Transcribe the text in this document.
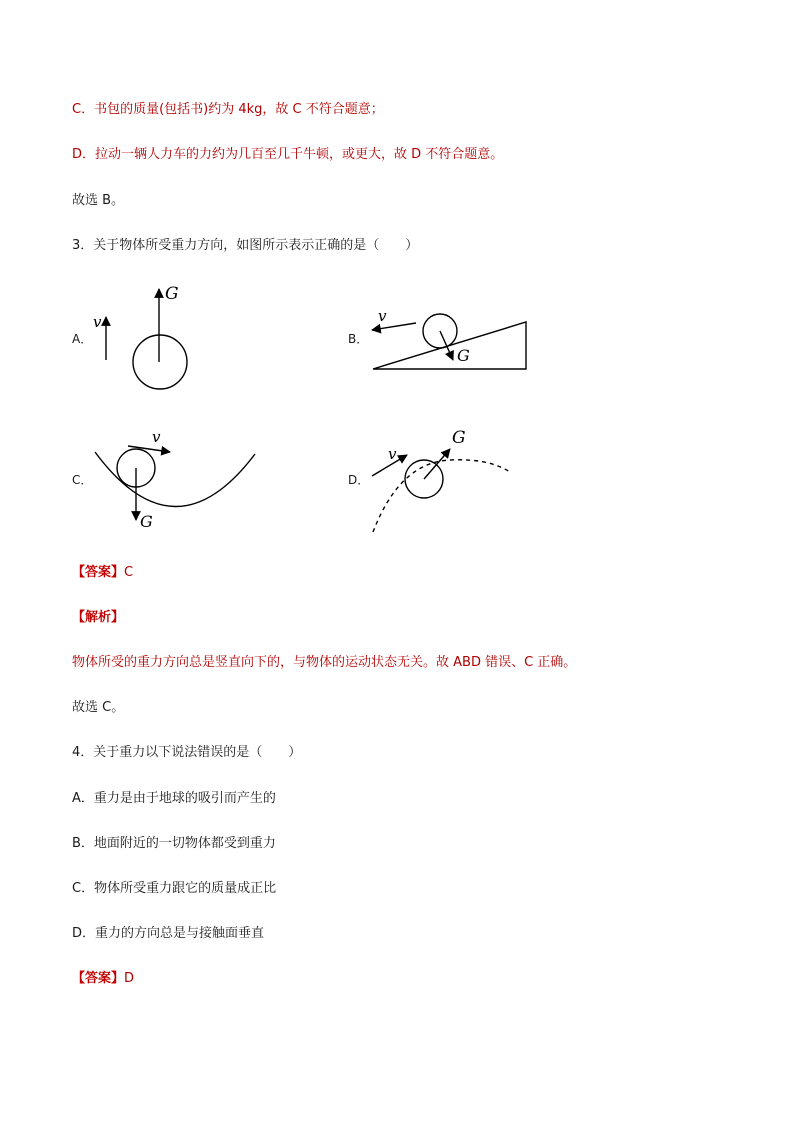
C．书包的质量(包括书)约为 4kg，故 C 不符合题意；
D．拉动一辆人力车的力约为几百至几千牛顿，或更大，故 D 不符合题意。
故选 B。
3．关于物体所受重力方向，如图所示表示正确的是（　　）
A．
v
G
B．
v
G
C．
v
G
D．
v
G
【答案】C
【解析】
物体所受的重力方向总是竖直向下的，与物体的运动状态无关。故 ABD 错误、C 正确。
故选 C。
4．关于重力以下说法错误的是（　　）
A．重力是由于地球的吸引而产生的
B．地面附近的一切物体都受到重力
C．物体所受重力跟它的质量成正比
D．重力的方向总是与接触面垂直
【答案】D
